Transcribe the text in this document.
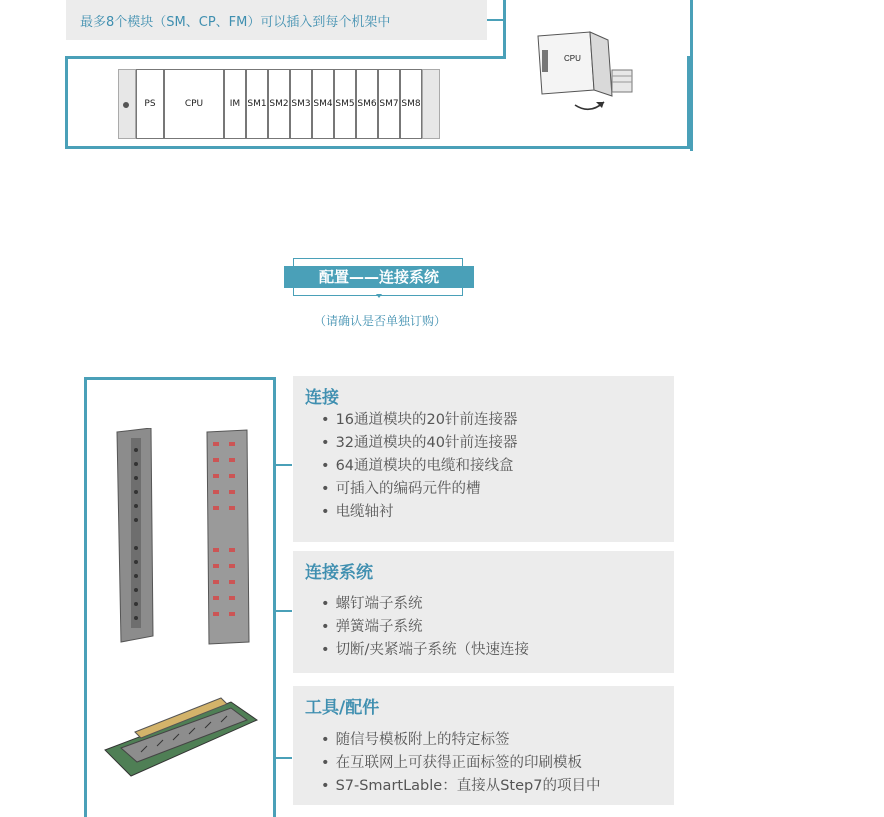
最多8个模块（SM、CP、FM）可以插入到每个机架中
PS	CPU	IM SM1 SM2 SM3 SM4 SM5 SM6 SM7 SM8
CPU
配置——连接系统
（请确认是否单独订购）
连接
• 16通道模块的20针前连接器
• 32通道模块的40针前连接器
• 64通道模块的电缆和接线盒
• 可插入的编码元件的槽
• 电缆轴衬
连接系统
• 螺钉端子系统
• 弹簧端子系统
• 切断/夹紧端子系统（快速连接
工具/配件
• 随信号模板附上的特定标签
• 在互联网上可获得正面标签的印刷模板
• S7-SmartLable：直接从Step7的项目中
